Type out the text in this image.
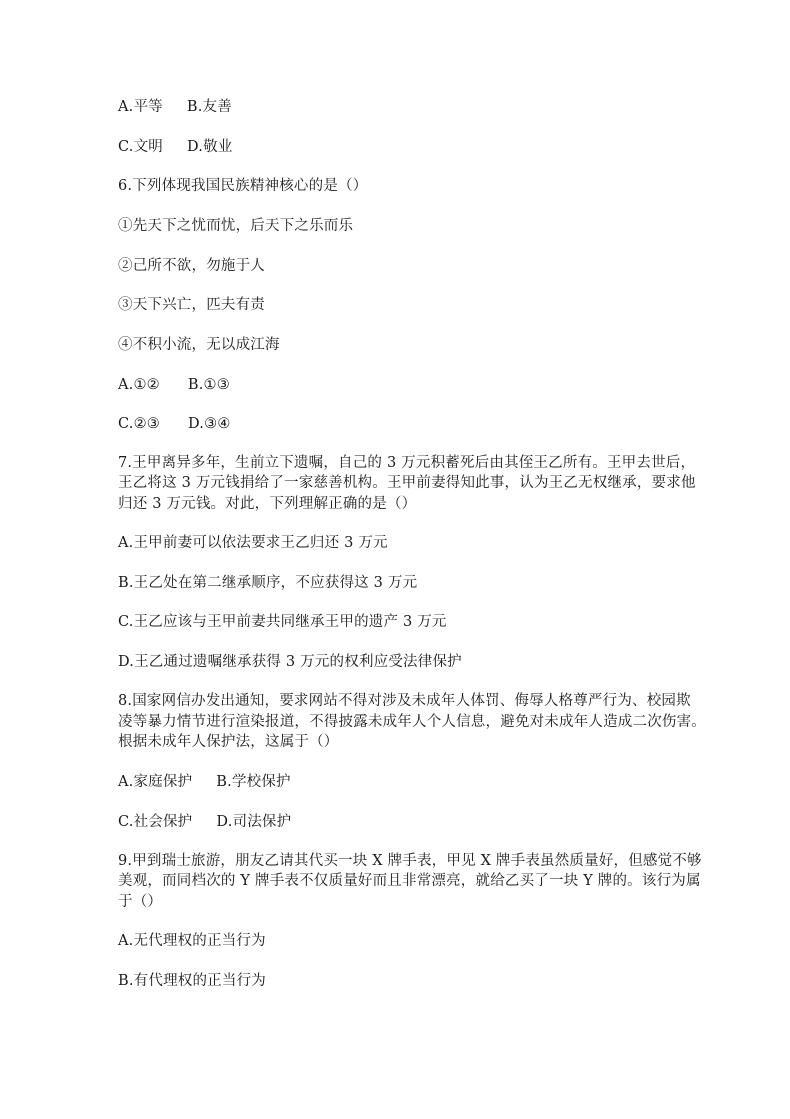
A.平等 B.友善
C.文明 D.敬业
6.下列体现我国民族精神核心的是（）
①先天下之忧而忧，后天下之乐而乐
②己所不欲，勿施于人
③天下兴亡，匹夫有责
④不积小流，无以成江海
A.①② B.①③
C.②③ D.③④
7.王甲离异多年，生前立下遗嘱，自己的 3 万元积蓄死后由其侄王乙所有。王甲去世后，
王乙将这 3 万元钱捐给了一家慈善机构。王甲前妻得知此事，认为王乙无权继承，要求他
归还 3 万元钱。对此，下列理解正确的是（）
A.王甲前妻可以依法要求王乙归还 3 万元
B.王乙处在第二继承顺序，不应获得这 3 万元
C.王乙应该与王甲前妻共同继承王甲的遗产 3 万元
D.王乙通过遗嘱继承获得 3 万元的权利应受法律保护
8.国家网信办发出通知，要求网站不得对涉及未成年人体罚、侮辱人格尊严行为、校园欺
凌等暴力情节进行渲染报道，不得披露未成年人个人信息，避免对未成年人造成二次伤害。
根据未成年人保护法，这属于（）
A.家庭保护 B.学校保护
C.社会保护 D.司法保护
9.甲到瑞士旅游，朋友乙请其代买一块 X 牌手表，甲见 X 牌手表虽然质量好，但感觉不够
美观，而同档次的 Y 牌手表不仅质量好而且非常漂亮，就给乙买了一块 Y 牌的。该行为属
于（）
A.无代理权的正当行为
B.有代理权的正当行为
